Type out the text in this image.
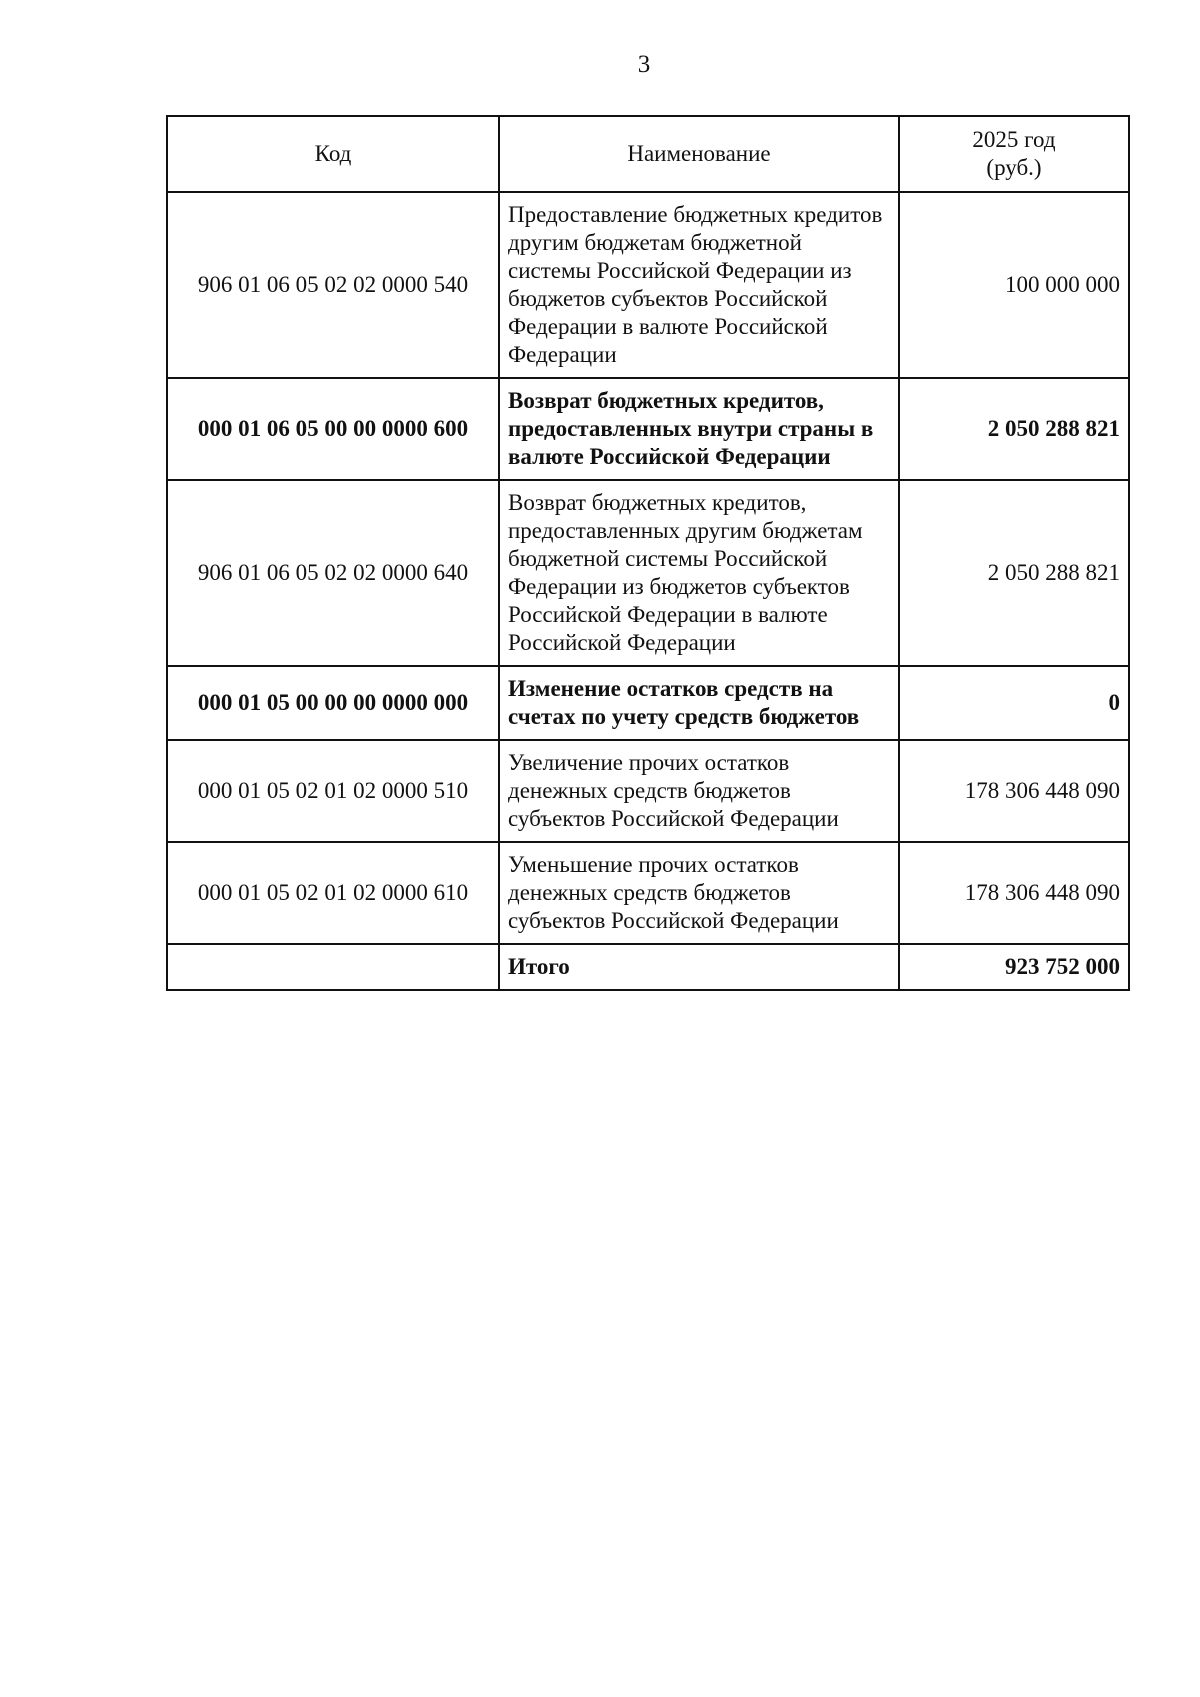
3
Код	Наименование	2025 год
(руб.)

906 01 06 05 02 02 0000 540	Предоставление бюджетных кредитов другим бюджетам бюджетной системы Российской Федерации из бюджетов субъектов Российской Федерации в валюте Российской Федерации	100 000 000
000 01 06 05 00 00 0000 600	Возврат бюджетных кредитов, предоставленных внутри страны в валюте Российской Федерации	2 050 288 821
906 01 06 05 02 02 0000 640	Возврат бюджетных кредитов, предоставленных другим бюджетам бюджетной системы Российской Федерации из бюджетов субъектов Российской Федерации в валюте Российской Федерации	2 050 288 821
000 01 05 00 00 00 0000 000	Изменение остатков средств на счетах по учету средств бюджетов	0
000 01 05 02 01 02 0000 510	Увеличение прочих остатков денежных средств бюджетов субъектов Российской Федерации	178 306 448 090
000 01 05 02 01 02 0000 610	Уменьшение прочих остатков денежных средств бюджетов субъектов Российской Федерации	178 306 448 090
	Итого	923 752 000
